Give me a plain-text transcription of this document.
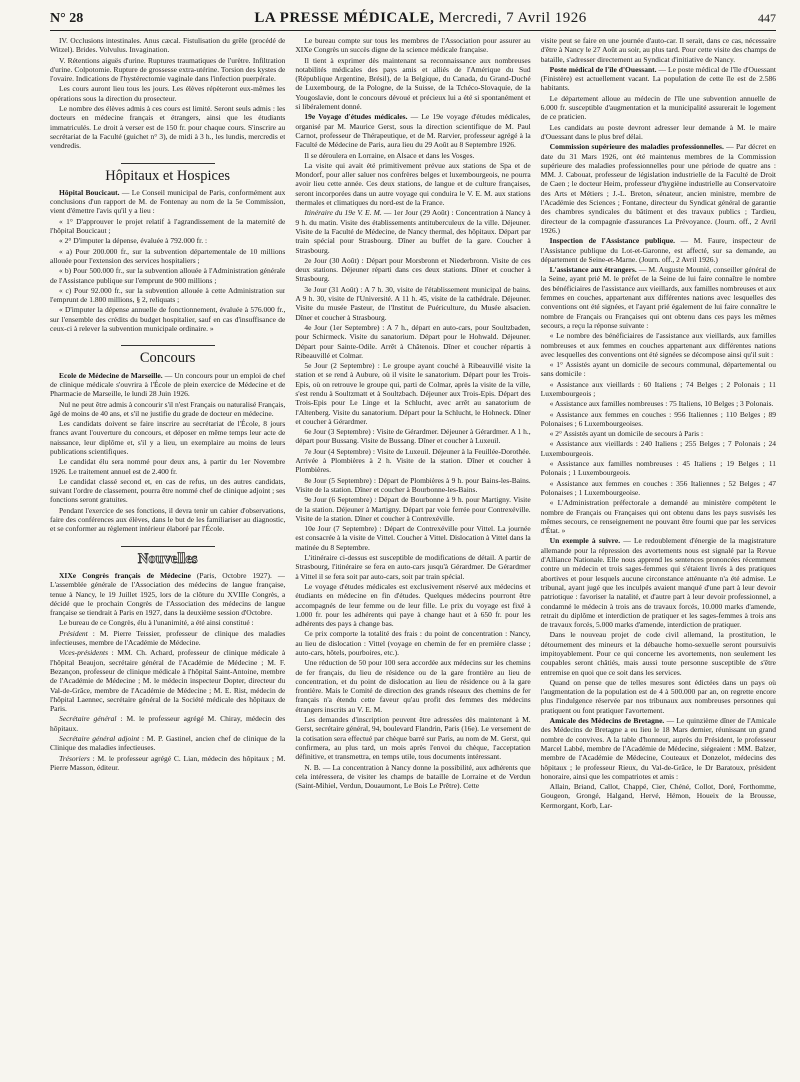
N° 28	LA PRESSE MÉDICALE, Mercredi, 7 Avril 1926	447

IV. Occlusions intestinales. Anus cæcal. Fistulisation du grêle (procédé de Witzel). Brides. Volvulus. Invagination.

V. Rétentions aiguës d'urine. Ruptures traumatiques de l'urètre. Infiltration d'urine. Colpotomie. Rupture de grossesse extra-utérine. Torsion des kystes de l'ovaire. Indications de l'hystérectomie vaginale dans l'infection puerpérale.

Les cours auront lieu tous les jours. Les élèves répèteront eux-mêmes les opérations sous la direction du prosecteur.

Le nombre des élèves admis à ces cours est limité. Seront seuls admis : les docteurs en médecine français et étrangers, ainsi que les étudiants immatriculés. Le droit à verser est de 150 fr. pour chaque cours. S'inscrire au secrétariat de la Faculté (guichet n° 3), de midi à 3 h., les lundis, mercredis et vendredis.

Hôpitaux et Hospices

Hôpital Boucicaut. — Le Conseil municipal de Paris, conformément aux conclusions d'un rapport de M. de Fontenay au nom de la 5e Commission, vient d'émettre l'avis qu'il y a lieu :

« 1° D'approuver le projet relatif à l'agrandissement de la maternité de l'hôpital Boucicaut ;

« 2° D'imputer la dépense, évaluée à 792.000 fr. :

« a) Pour 200.000 fr., sur la subvention départementale de 10 millions allouée pour l'extension des services hospitaliers ;

« b) Pour 500.000 fr., sur la subvention allouée à l'Administration générale de l'Assistance publique sur l'emprunt de 900 millions ;

« c) Pour 92.000 fr., sur la subvention allouée à cette Administration sur l'emprunt de 1.800 millions, § 2, reliquats ;

« D'imputer la dépense annuelle de fonctionnement, évaluée à 576.000 fr., sur l'ensemble des crédits du budget hospitalier, sauf en cas d'insuffisance de ceux-ci à relever la subvention municipale ordinaire. »

Concours

Ecole de Médecine de Marseille. — Un concours pour un emploi de chef de clinique médicale s'ouvrira à l'École de plein exercice de Médecine et de Pharmacie de Marseille, le lundi 28 Juin 1926.

Nul ne peut être admis à concourir s'il n'est Français ou naturalisé Français, âgé de moins de 40 ans, et s'il ne justifie du grade de docteur en médecine.

Les candidats doivent se faire inscrire au secrétariat de l'École, 8 jours francs avant l'ouverture du concours, et déposer en même temps leur acte de naissance, leur diplôme et, s'il y a lieu, un exemplaire au moins de leurs publications scientifiques.

Le candidat élu sera nommé pour deux ans, à partir du 1er Novembre 1926. Le traitement annuel est de 2.400 fr.

Le candidat classé second et, en cas de refus, un des autres candidats, suivant l'ordre de classement, pourra être nommé chef de clinique adjoint ; ses fonctions seront gratuites.

Pendant l'exercice de ses fonctions, il devra tenir un cahier d'observations, faire des conférences aux élèves, dans le but de les familiariser au diagnostic, et se conformer au règlement intérieur élaboré par l'École.

Nouvelles

XIXe Congrès français de Médecine (Paris, Octobre 1927). — L'assemblée générale de l'Association des médecins de langue française, tenue à Nancy, le 19 Juillet 1925, lors de la clôture du XVIIIe Congrès, a décidé que le prochain Congrès de l'Association des médecins de langue française se tiendrait à Paris en 1927, dans la deuxième session d'Octobre.

Le bureau de ce Congrès, élu à l'unanimité, a été ainsi constitué :

Président : M. Pierre Teissier, professeur de clinique des maladies infectieuses, membre de l'Académie de Médecine.

Vices-présidents : MM. Ch. Achard, professeur de clinique médicale à l'hôpital Beaujon, secrétaire général de l'Académie de Médecine ; M. F. Bezançon, professeur de clinique médicale à l'hôpital Saint-Antoine, membre de l'Académie de Médecine ; M. le médecin inspecteur Dopter, directeur du Val-de-Grâce, membre de l'Académie de Médecine ; M. E. Rist, médecin de l'hôpital Laennec, secrétaire général de la Société médicale des hôpitaux de Paris.

Secrétaire général : M. le professeur agrégé M. Chiray, médecin des hôpitaux.

Secrétaire général adjoint : M. P. Gastinel, ancien chef de clinique de la Clinique des maladies infectieuses.

Trésoriers : M. le professeur agrégé C. Lian, médecin des hôpitaux ; M. Pierre Masson, éditeur.

Le bureau compte sur tous les membres de l'Association pour assurer au XIXe Congrès un succès digne de la science médicale française.

Il tient à exprimer dès maintenant sa reconnaissance aux nombreuses notabilités médicales des pays amis et alliés de l'Amérique du Sud (République Argentine, Brésil), de la Belgique, du Canada, du Grand-Duché de Luxembourg, de la Pologne, de la Suisse, de la Tchéco-Slovaquie, de la Yougoslavie, dont le concours dévoué et précieux lui a été si spontanément et si libéralement donné.

19e Voyage d'études médicales. — Le 19e voyage d'études médicales, organisé par M. Maurice Gerst, sous la direction scientifique de M. Paul Carnot, professeur de Thérapeutique, et de M. Rarvier, professeur agrégé à la Faculté de Médecine de Paris, aura lieu du 29 Août au 8 Septembre 1926.

Il se déroulera en Lorraine, en Alsace et dans les Vosges.

La visite qui avait été primitivement prévue aux stations de Spa et de Mondorf, pour aller saluer nos confrères belges et luxembourgeois, ne pourra avoir lieu cette année. Ces deux stations, de langue et de culture françaises, seront incorporées dans un autre voyage qui conduira le V. E. M. aux stations thermales et climatiques du nord-est de la France.

Itinéraire du 19e V. E. M. — 1er Jour (29 Août) : Concentration à Nancy à 9 h. du matin. Visite des établissements antituberculeux de la ville. Déjeuner. Visite de la Faculté de Médecine, de Nancy thermal, des hôpitaux. Départ par train spécial pour Strasbourg. Dîner au buffet de la gare. Coucher à Strasbourg.

2e Jour (30 Août) : Départ pour Morsbronn et Niederbronn. Visite de ces deux stations. Déjeuner réparti dans ces deux stations. Dîner et coucher à Strasbourg.

3e Jour (31 Août) : A 7 h. 30, visite de l'établissement municipal de bains. A 9 h. 30, visite de l'Université. A 11 h. 45, visite de la cathédrale. Déjeuner. Visite du musée Pasteur, de l'Institut de Puériculture, du Musée alsacien. Dîner et coucher à Strasbourg.

4e Jour (1er Septembre) : A 7 h., départ en auto-cars, pour Soultzbaden, pour Schirmeck. Visite du sanatorium. Départ pour le Hohwald. Déjeuner. Départ pour Sainte-Odile. Arrêt à Châtenois. Dîner et coucher répartis à Ribeauvillé et Colmar.

5e Jour (2 Septembre) : Le groupe ayant couché à Ribeauvillé visite la station et se rend à Aubure, où il visite le sanatorium. Départ pour les Trois-Epis, où on retrouve le groupe qui, parti de Colmar, après la visite de la ville, s'est rendu à Soultzmatt et à Soultzbach. Déjeuner aux Trois-Epis. Départ des Trois-Epis pour Le Linge et la Schlucht, avec arrêt au sanatorium de l'Altenberg. Visite du sanatorium. Départ pour la Schlucht, le Hohneck. Dîner et coucher à Gérardmer.

6e Jour (3 Septembre) : Visite de Gérardmer. Déjeuner à Gérardmer. A 1 h., départ pour Bussang. Visite de Bussang. Dîner et coucher à Luxeuil.

7e Jour (4 Septembre) : Visite de Luxeuil. Déjeuner à la Feuillée-Dorothée. Arrivée à Plombières à 2 h. Visite de la station. Dîner et coucher à Plombières.

8e Jour (5 Septembre) : Départ de Plombières à 9 h. pour Bains-les-Bains. Visite de la station. Dîner et coucher à Bourbonne-les-Bains.

9e Jour (6 Septembre) : Départ de Bourbonne à 9 h. pour Martigny. Visite de la station. Déjeuner à Martigny. Départ par voie ferrée pour Contrexéville. Visite de la station. Dîner et coucher à Contrexéville.

10e Jour (7 Septembre) : Départ de Contrexéville pour Vittel. La journée est consacrée à la visite de Vittel. Coucher à Vittel. Dislocation à Vittel dans la matinée du 8 Septembre.

L'itinéraire ci-dessus est susceptible de modifications de détail. A partir de Strasbourg, l'itinéraire se fera en auto-cars jusqu'à Gérardmer. De Gérardmer à Vittel il se fera soit par auto-cars, soit par train spécial.

Le voyage d'études médicales est exclusivement réservé aux médecins et étudiants en médecine en fin d'études. Quelques médecins pourront être accompagnés de leur femme ou de leur fille. Le prix du voyage est fixé à 1.000 fr. pour les adhérents qui paye à change haut et à 650 fr. pour les adhérents des pays à change bas.

Ce prix comporte la totalité des frais : du point de concentration : Nancy, au lieu de dislocation : Vittel (voyage en chemin de fer en première classe ; auto-cars, hôtels, pourboires, etc.).

Une réduction de 50 pour 100 sera accordée aux médecins sur les chemins de fer français, du lieu de résidence ou de la gare frontière au lieu de concentration, et du point de dislocation au lieu de résidence ou à la gare frontière. Mais le Comité de direction des grands réseaux des chemins de fer français n'a étendu cette faveur qu'au profit des femmes des médecins étrangers inscrits au V. E. M.

Les demandes d'inscription peuvent être adressées dès maintenant à M. Gerst, secrétaire général, 94, boulevard Flandrin, Paris (16e). Le versement de la cotisation sera effectué par chèque barré sur Paris, au nom de M. Gerst, qui confirmera, au plus tard, un mois après l'envoi du chèque, l'acceptation définitive, et transmettra, en temps utile, tous documents intéressant.

N. B. — La concentration à Nancy donne la possibilité, aux adhérents que cela intéressera, de visiter les champs de bataille de Lorraine et de Verdun (Saint-Mihiel, Verdun, Douaumont, Le Bois Le Prêtre). Cette

visite peut se faire en une journée d'auto-car. Il serait, dans ce cas, nécessaire d'être à Nancy le 27 Août au soir, au plus tard. Pour cette visite des champs de bataille, s'adresser directement au Syndicat d'initiative de Nancy.

Poste médical de l'île d'Ouessant. — Le poste médical de l'île d'Ouessant (Finistère) est actuellement vacant. La population de cette île est de 2.586 habitants.

Le département alloue au médecin de l'île une subvention annuelle de 6.000 fr. susceptible d'augmentation et la municipalité assurerait le logement de ce praticien.

Les candidats au poste devront adresser leur demande à M. le maire d'Ouessant dans le plus bref délai.

Commission supérieure des maladies professionnelles. — Par décret en date du 31 Mars 1926, ont été maintenus membres de la Commission supérieure des maladies professionnelles pour une période de quatre ans : MM. J. Cabouat, professeur de législation industrielle de la Faculté de Droit de Caen ; le docteur Heim, professeur d'hygiène industrielle au Conservatoire des Arts et Métiers ; J.-L. Breton, sénateur, ancien ministre, membre de l'Académie des Sciences ; Fontane, directeur du Syndicat général de garantie des chambres syndicales du bâtiment et des travaux publics ; Tardieu, directeur de la compagnie d'assurances La Prévoyance. (Journ. off., 2 Avril 1926.)

Inspection de l'Assistance publique. — M. Faure, inspecteur de l'Assistance publique du Lot-et-Garonne, est affecté, sur sa demande, au département de Seine-et-Marne. (Journ. off., 2 Avril 1926.)

L'assistance aux étrangers. — M. Auguste Mounié, conseiller général de la Seine, ayant prié M. le préfet de la Seine de lui faire connaître le nombre des bénéficiaires de l'assistance aux vieillards, aux familles nombreuses et aux femmes en couches, appartenant aux différentes nations avec lesquelles des conventions ont été signées, et l'ayant prié également de lui faire connaître le nombre de Français ou Françaises qui ont obtenu dans ces pays les mêmes secours, a reçu la réponse suivante :

« Le nombre des bénéficiaires de l'assistance aux vieillards, aux familles nombreuses et aux femmes en couches appartenant aux différentes nations avec lesquelles des conventions ont été signées se décompose ainsi qu'il suit :

« 1° Assistés ayant un domicile de secours communal, départemental ou sans domicile :

« Assistance aux vieillards : 60 Italiens ; 74 Belges ; 2 Polonais ; 11 Luxembourgeois ;

« Assistance aux familles nombreuses : 75 Italiens, 10 Belges ; 3 Polonais.

« Assistance aux femmes en couches : 956 Italiennes ; 110 Belges ; 89 Polonaises ; 6 Luxembourgeoises.

« 2° Assistés ayant un domicile de secours à Paris :

« Assistance aux vieillards : 240 Italiens ; 255 Belges ; 7 Polonais ; 24 Luxembourgeois.

« Assistance aux familles nombreuses : 45 Italiens ; 19 Belges ; 11 Polonais ; 1 Luxembourgeois.

« Assistance aux femmes en couches : 356 Italiennes ; 52 Belges ; 47 Polonaises ; 1 Luxembourgeoise.

« L'Administration préfectorale a demandé au ministère compétent le nombre de Français ou Françaises qui ont obtenu dans les pays susvisés les mêmes secours, ce renseignement ne pouvant être fourni que par les services d'État. »

Un exemple à suivre. — Le redoublement d'énergie de la magistrature allemande pour la répression des avortements nous est signalé par la Revue d'Alliance Nationale. Elle nous apprend les sentences prononcées récemment contre un médecin et trois sages-femmes qui s'étaient livrés à des pratiques abortives et pour lesquels aucune circonstance atténuante n'a été admise. Le tribunal, ayant jugé que les inculpés avaient manqué d'une part à leur devoir patriotique : favoriser la natalité, et d'autre part à leur devoir professionnel, a condamné le médecin à trois ans de travaux forcés, 10.000 marks d'amende, retrait du diplôme et interdiction de pratiquer et les sages-femmes à trois ans de travaux forcés, 5.000 marks d'amende, interdiction de pratiquer.

Dans le nouveau projet de code civil allemand, la prostitution, le détournement des mineurs et la débauche homo-sexuelle seront poursuivis impitoyablement. Pour ce qui concerne les avortements, non seulement les coupables seront châtiés, mais aussi toute personne susceptible de s'être entremise en quoi que ce soit dans les services.

Quand on pense que de telles mesures sont édictées dans un pays où l'augmentation de la population est de 4 à 500.000 par an, on regrette encore plus l'indulgence réservée par nos tribunaux aux nombreuses personnes qui pratiquent ou font pratiquer l'avortement.

Amicale des Médecins de Bretagne. — Le quinzième dîner de l'Amicale des Médecins de Bretagne a eu lieu le 18 Mars dernier, réunissant un grand nombre de convives. A la table d'honneur, auprès du Président, le professeur Marcel Labbé, membre de l'Académie de Médecine, siégeaient : MM. Balzer, membre de l'Académie de Médecine, Couteaux et Donzelot, médecins des hôpitaux ; le professeur Rieux, du Val-de-Grâce, le Dr Baratoux, président honoraire, ainsi que les compatriotes et amis :

Allain, Briand, Callot, Chappé, Cier, Chéné, Collot, Doré, Forthomme, Gougeon, Grongé, Halgand, Hervé, Hémon, Houeix de la Brousse, Kermorgant, Korb, Lar-
